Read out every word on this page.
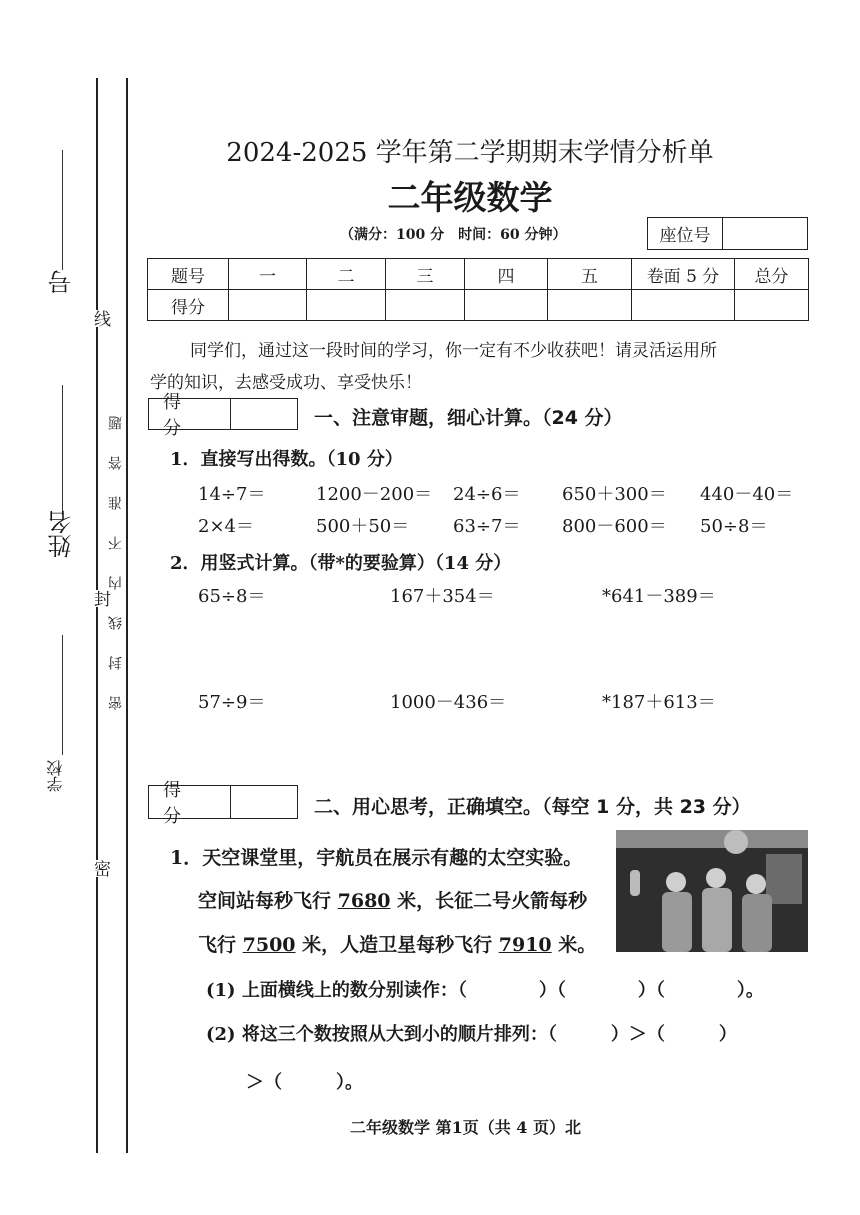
号
姓名
学校
线
封
密
密封线内不准答题
2024-2025 学年第二学期期末学情分析单
二年级数学
（满分：100 分　时间：60 分钟）	座位号
题号	一	二	三	四	五	卷面 5 分	总分
得分							
同学们，通过这一段时间的学习，你一定有不少收获吧！请灵活运用所
学的知识，去感受成功、享受快乐！
得 分	一、注意审题，细心计算。（24 分）
1．直接写出得数。（10 分）
14÷7＝	1200－200＝ 24÷6＝ 650＋300＝ 440－40＝
2×4＝	500＋50＝ 63÷7＝ 800－600＝ 50÷8＝
2．用竖式计算。（带*的要验算）（14 分）
65÷8＝	167＋354＝	*641－389＝
57÷9＝	1000－436＝	*187＋613＝
得 分	二、用心思考，正确填空。（每空 1 分，共 23 分）
1．天空课堂里，宇航员在展示有趣的太空实验。
空间站每秒飞行 7680 米，长征二号火箭每秒
飞行 7500 米，人造卫星每秒飞行 7910 米。
(1) 上面横线上的数分别读作：（　　　　）（　　　　）（　　　　）。
(2) 将这三个数按照从大到小的顺片排列：（　　　）＞（　　　）
＞（　　　）。
二年级数学 第1页（共 4 页）北
